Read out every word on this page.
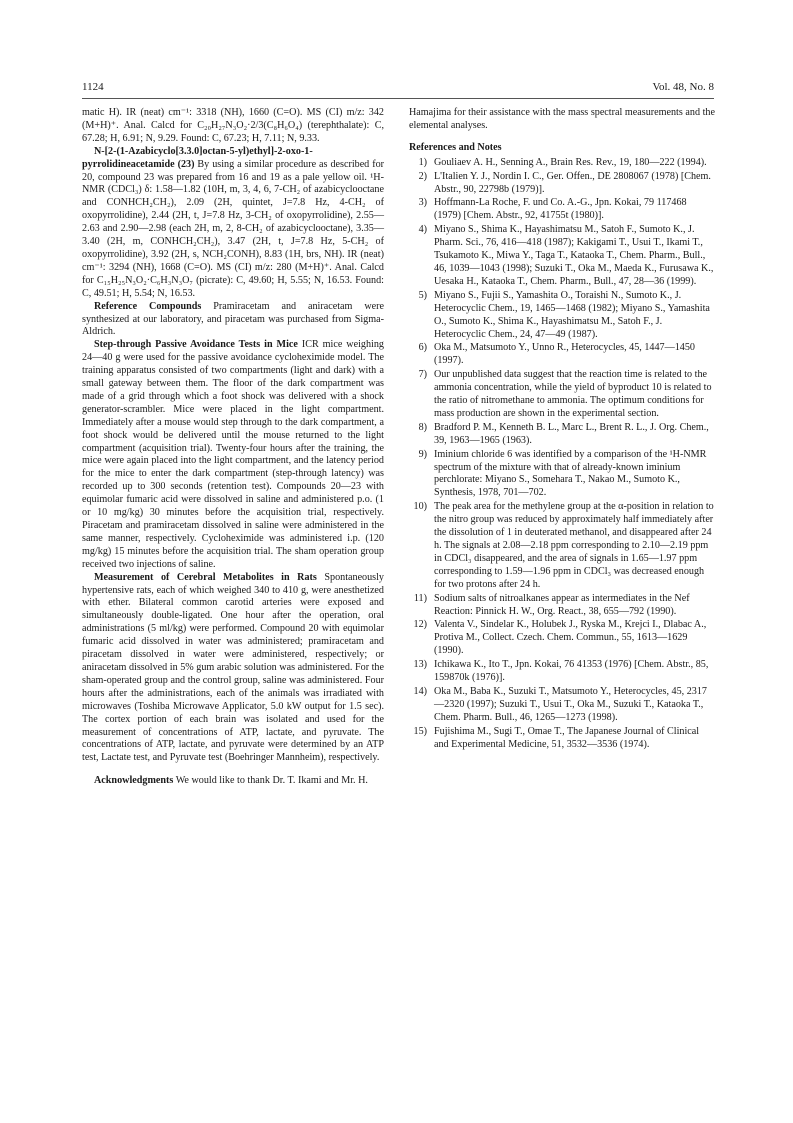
1124	Vol. 48, No. 8

matic H). IR (neat) cm⁻¹: 3318 (NH), 1660 (C=O). MS (CI) m/z: 342 (M+H)⁺. Anal. Calcd for C₂₀H₂₇N₃O₂·2/3(C₈H₆O₄) (terephthalate): C, 67.28; H, 6.91; N, 9.29. Found: C, 67.23; H, 7.11; N, 9.33.

N-[2-(1-Azabicyclo[3.3.0]octan-5-yl)ethyl]-2-oxo-1-pyrrolidineacetamide (23) By using a similar procedure as described for 20, compound 23 was prepared from 16 and 19 as a pale yellow oil. ¹H-NMR (CDCl₃) δ: 1.58—1.82 (10H, m, 3, 4, 6, 7-CH₂ of azabicyclooctane and CONHCH₂CH₂), 2.09 (2H, quintet, J=7.8 Hz, 4-CH₂ of oxopyrrolidine), 2.44 (2H, t, J=7.8 Hz, 3-CH₂ of oxopyrrolidine), 2.55—2.63 and 2.90—2.98 (each 2H, m, 2, 8-CH₂ of azabicyclooctane), 3.35—3.40 (2H, m, CONHCH₂CH₂), 3.47 (2H, t, J=7.8 Hz, 5-CH₂ of oxopyrrolidine), 3.92 (2H, s, NCH₂CONH), 8.83 (1H, brs, NH). IR (neat) cm⁻¹: 3294 (NH), 1668 (C=O). MS (CI) m/z: 280 (M+H)⁺. Anal. Calcd for C₁₅H₂₅N₃O₂·C₆H₃N₃O₇ (picrate): C, 49.60; H, 5.55; N, 16.53. Found: C, 49.51; H, 5.54; N, 16.53.

Reference Compounds Pramiracetam and aniracetam were synthesized at our laboratory, and piracetam was purchased from Sigma-Aldrich.

Step-through Passive Avoidance Tests in Mice ICR mice weighing 24—40 g were used for the passive avoidance cycloheximide model. The training apparatus consisted of two compartments (light and dark) with a small gateway between them. The floor of the dark compartment was made of a grid through which a foot shock was delivered with a shock generator-scrambler. Mice were placed in the light compartment. Immediately after a mouse would step through to the dark compartment, a foot shock would be delivered until the mouse returned to the light compartment (acquisition trial). Twenty-four hours after the training, the mice were again placed into the light compartment, and the latency period for the mice to enter the dark compartment (step-through latency) was recorded up to 300 seconds (retention test). Compounds 20—23 with equimolar fumaric acid were dissolved in saline and administered p.o. (1 or 10 mg/kg) 30 minutes before the acquisition trial, respectively. Piracetam and pramiracetam dissolved in saline were administered in the same manner, respectively. Cycloheximide was administered i.p. (120 mg/kg) 15 minutes before the acquisition trial. The sham operation group received two injections of saline.

Measurement of Cerebral Metabolites in Rats Spontaneously hypertensive rats, each of which weighed 340 to 410 g, were anesthetized with ether. Bilateral common carotid arteries were exposed and simultaneously double-ligated. One hour after the operation, oral administrations (5 ml/kg) were performed. Compound 20 with equimolar fumaric acid dissolved in water was administered; pramiracetam and piracetam dissolved in water were administered, respectively; or aniracetam dissolved in 5% gum arabic solution was administered. For the sham-operated group and the control group, saline was administered. Four hours after the administrations, each of the animals was irradiated with microwaves (Toshiba Microwave Applicator, 5.0 kW output for 1.5 sec). The cortex portion of each brain was isolated and used for the measurement of concentrations of ATP, lactate, and pyruvate. The concentrations of ATP, lactate, and pyruvate were determined by an ATP test, Lactate test, and Pyruvate test (Boehringer Mannheim), respectively.

Acknowledgments We would like to thank Dr. T. Ikami and Mr. H.

Hamajima for their assistance with the mass spectral measurements and the elemental analyses.

References and Notes
1) Gouliaev A. H., Senning A., Brain Res. Rev., 19, 180—222 (1994).
2) L'Italien Y. J., Nordin I. C., Ger. Offen., DE 2808067 (1978) [Chem. Abstr., 90, 22798b (1979)].
3) Hoffmann-La Roche, F. und Co. A.-G., Jpn. Kokai, 79 117468 (1979) [Chem. Abstr., 92, 41755t (1980)].
4) Miyano S., Shima K., Hayashimatsu M., Satoh F., Sumoto K., J. Pharm. Sci., 76, 416—418 (1987); Kakigami T., Usui T., Ikami T., Tsukamoto K., Miwa Y., Taga T., Kataoka T., Chem. Pharm., Bull., 46, 1039—1043 (1998); Suzuki T., Oka M., Maeda K., Furusawa K., Uesaka H., Kataoka T., Chem. Pharm., Bull., 47, 28—36 (1999).
5) Miyano S., Fujii S., Yamashita O., Toraishi N., Sumoto K., J. Heterocyclic Chem., 19, 1465—1468 (1982); Miyano S., Yamashita O., Sumoto K., Shima K., Hayashimatsu M., Satoh F., J. Heterocyclic Chem., 24, 47—49 (1987).
6) Oka M., Matsumoto Y., Unno R., Heterocycles, 45, 1447—1450 (1997).
7) Our unpublished data suggest that the reaction time is related to the ammonia concentration, while the yield of byproduct 10 is related to the ratio of nitromethane to ammonia. The optimum conditions for mass production are shown in the experimental section.
8) Bradford P. M., Kenneth B. L., Marc L., Brent R. L., J. Org. Chem., 39, 1963—1965 (1963).
9) Iminium chloride 6 was identified by a comparison of the ¹H-NMR spectrum of the mixture with that of already-known iminium perchlorate: Miyano S., Somehara T., Nakao M., Sumoto K., Synthesis, 1978, 701—702.
10) The peak area for the methylene group at the α-position in relation to the nitro group was reduced by approximately half immediately after the dissolution of 1 in deuterated methanol, and disappeared after 24 h. The signals at 2.08—2.18 ppm corresponding to 2.10—2.19 ppm in CDCl₃ disappeared, and the area of signals in 1.65—1.97 ppm corresponding to 1.59—1.96 ppm in CDCl₃ was decreased enough for two protons after 24 h.
11) Sodium salts of nitroalkanes appear as intermediates in the Nef Reaction: Pinnick H. W., Org. React., 38, 655—792 (1990).
12) Valenta V., Sindelar K., Holubek J., Ryska M., Krejci I., Dlabac A., Protiva M., Collect. Czech. Chem. Commun., 55, 1613—1629 (1990).
13) Ichikawa K., Ito T., Jpn. Kokai, 76 41353 (1976) [Chem. Abstr., 85, 159870k (1976)].
14) Oka M., Baba K., Suzuki T., Matsumoto Y., Heterocycles, 45, 2317—2320 (1997); Suzuki T., Usui T., Oka M., Suzuki T., Kataoka T., Chem. Pharm. Bull., 46, 1265—1273 (1998).
15) Fujishima M., Sugi T., Omae T., The Japanese Journal of Clinical and Experimental Medicine, 51, 3532—3536 (1974).
